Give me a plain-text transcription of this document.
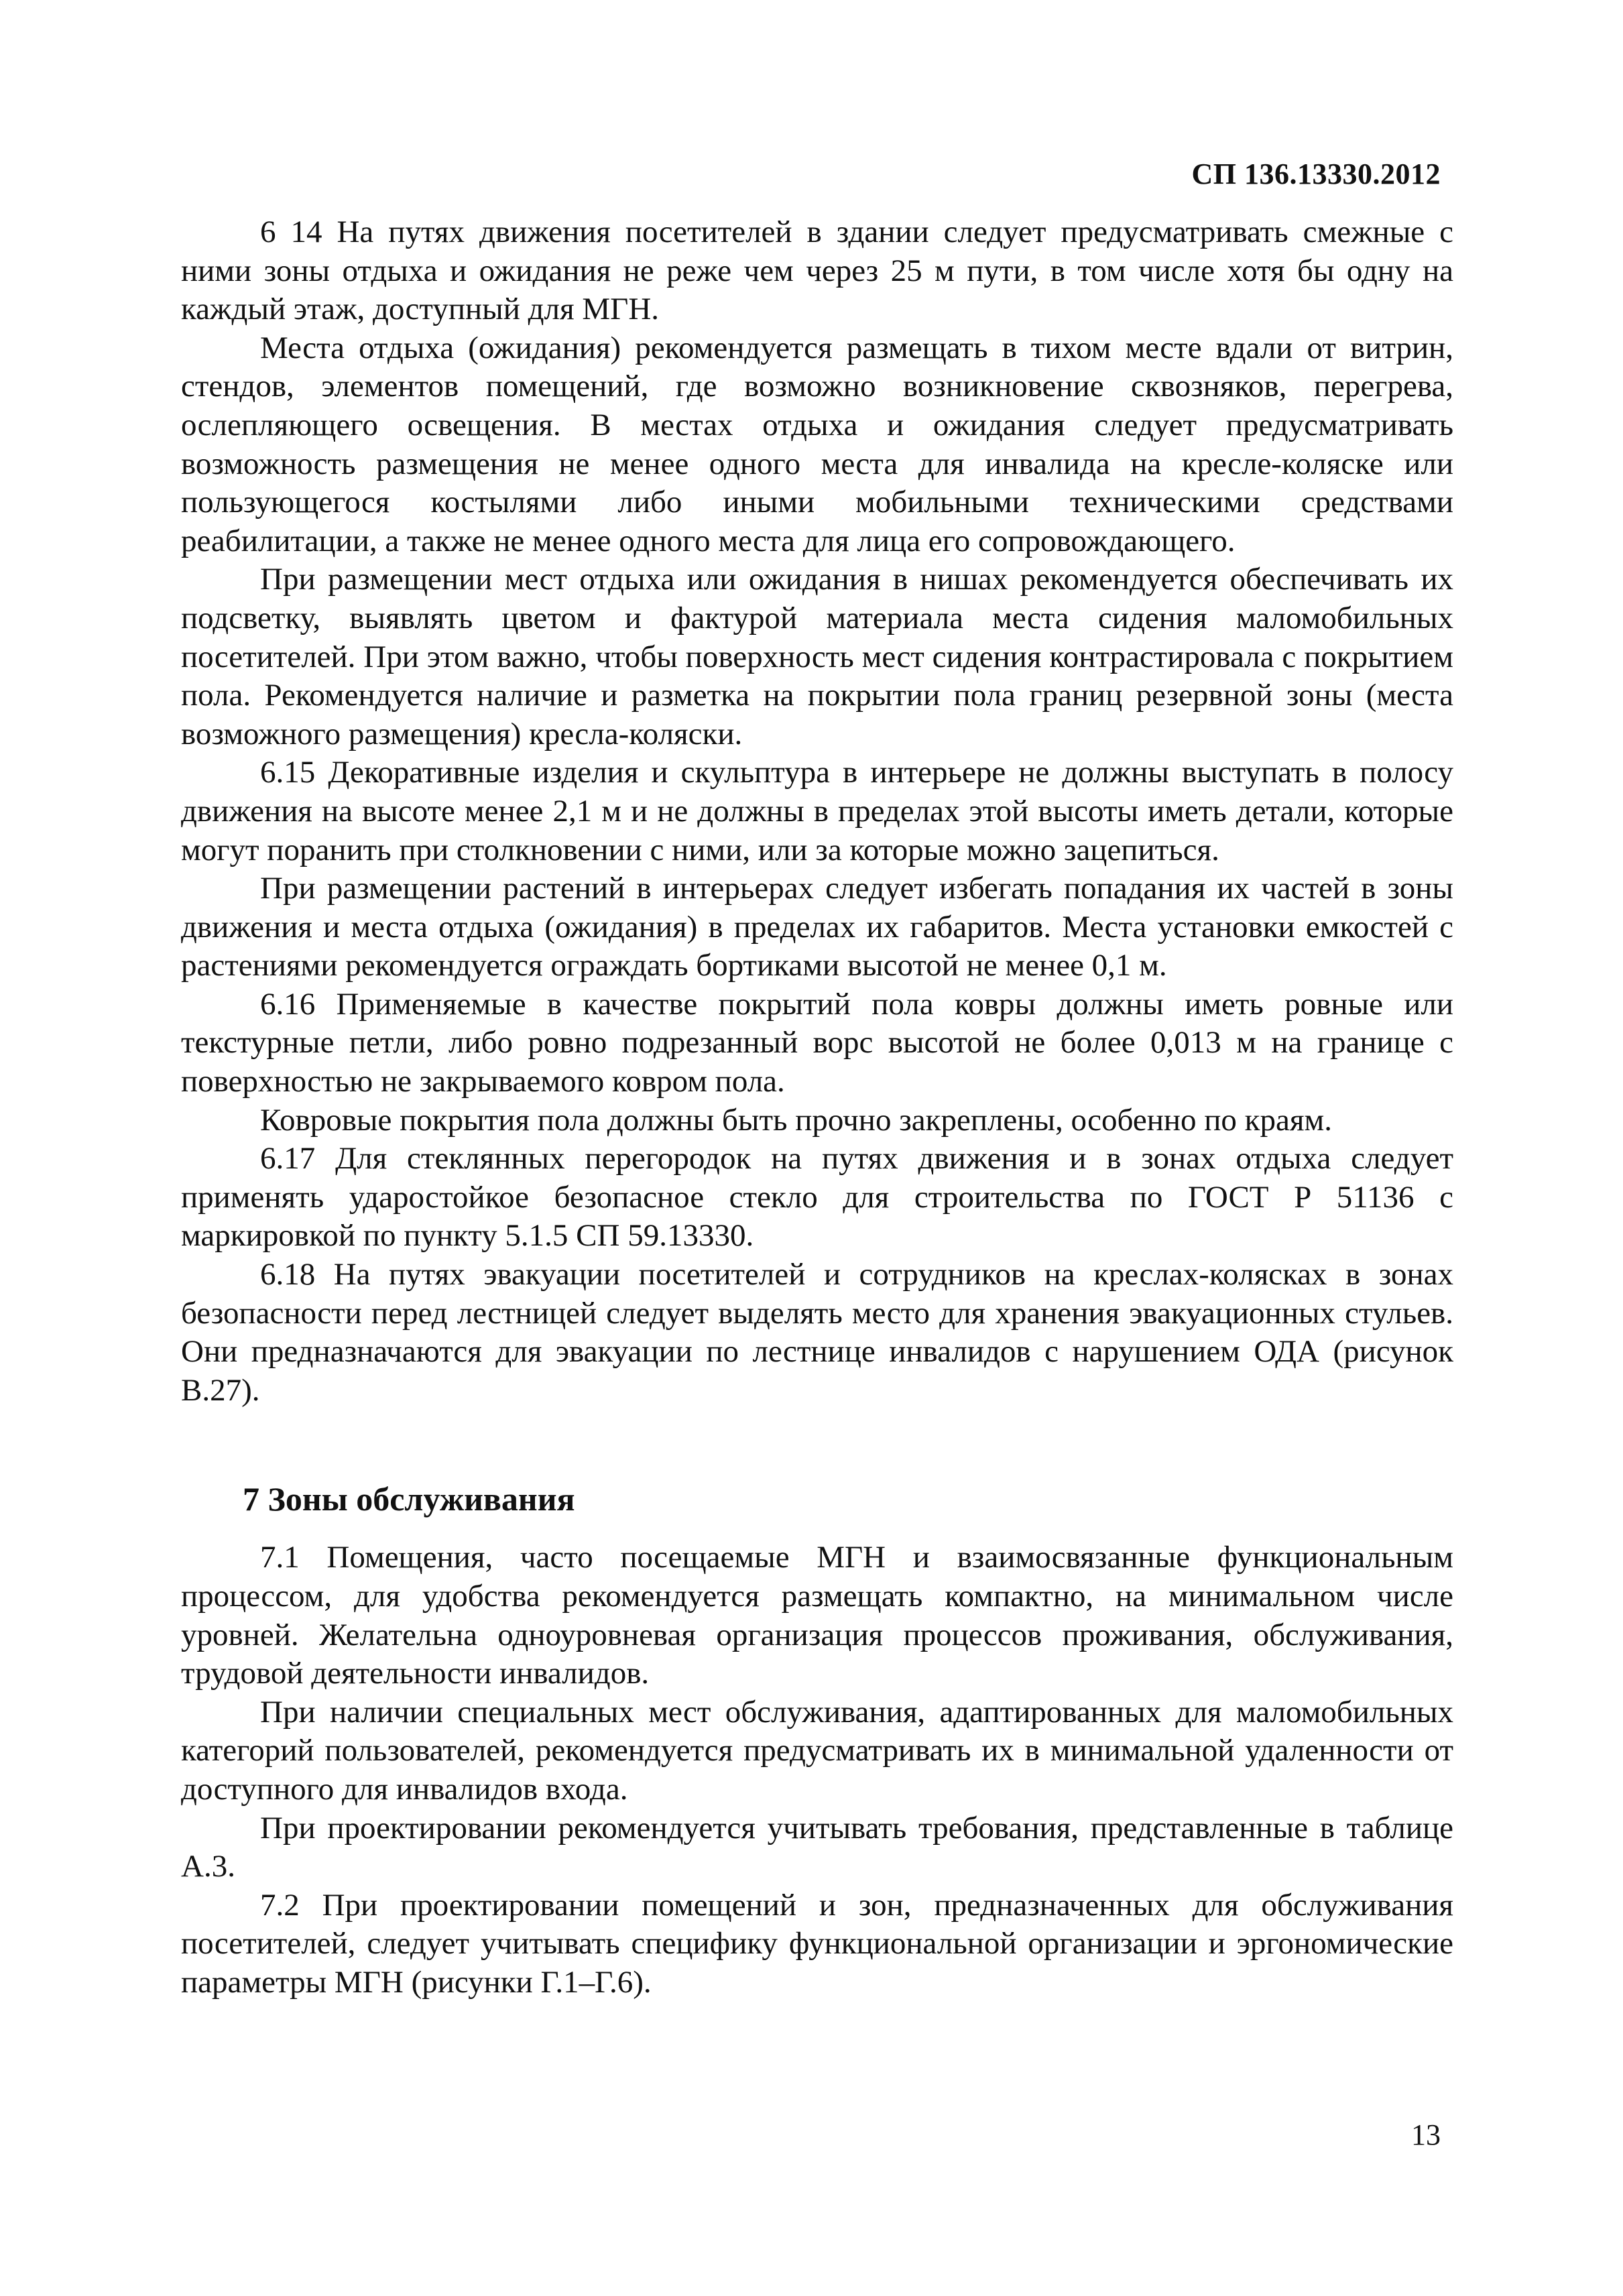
СП 136.13330.2012

6 14 На путях движения посетителей в здании следует предусматривать смежные с ними зоны отдыха и ожидания не реже чем через 25 м пути, в том числе хотя бы одну на каждый этаж, доступный для МГН.

Места отдыха (ожидания) рекомендуется размещать в тихом месте вдали от витрин, стендов, элементов помещений, где возможно возникновение сквозняков, перегрева, ослепляющего освещения. В местах отдыха и ожидания следует предусматривать возможность размещения не менее одного места для инвалида на кресле-коляске или пользующегося костылями либо иными мобильными техническими средствами реабилитации, а также не менее одного места для лица его сопровождающего.

При размещении мест отдыха или ожидания в нишах рекомендуется обеспечивать их подсветку, выявлять цветом и фактурой материала места сидения маломобильных посетителей. При этом важно, чтобы поверхность мест сидения контрастировала с покрытием пола. Рекомендуется наличие и разметка на покрытии пола границ резервной зоны (места возможного размещения) кресла-коляски.

6.15 Декоративные изделия и скульптура в интерьере не должны выступать в полосу движения на высоте менее 2,1 м и не должны в пределах этой высоты иметь детали, которые могут поранить при столкновении с ними, или за которые можно зацепиться.

При размещении растений в интерьерах следует избегать попадания их частей в зоны движения и места отдыха (ожидания) в пределах их габаритов. Места установки емкостей с растениями рекомендуется ограждать бортиками высотой не менее 0,1 м.

6.16 Применяемые в качестве покрытий пола ковры должны иметь ровные или текстурные петли, либо ровно подрезанный ворс высотой не более 0,013 м на границе с поверхностью не закрываемого ковром пола.

Ковровые покрытия пола должны быть прочно закреплены, особенно по краям.

6.17 Для стеклянных перегородок на путях движения и в зонах отдыха следует применять ударостойкое безопасное стекло для строительства по ГОСТ Р 51136 с маркировкой по пункту 5.1.5 СП 59.13330.

6.18 На путях эвакуации посетителей и сотрудников на креслах-колясках в зонах безопасности перед лестницей следует выделять место для хранения эвакуационных стульев. Они предназначаются для эвакуации по лестнице инвалидов с нарушением ОДА (рисунок В.27).

7 Зоны обслуживания

7.1 Помещения, часто посещаемые МГН и взаимосвязанные функциональным процессом, для удобства рекомендуется размещать компактно, на минимальном числе уровней. Желательна одноуровневая организация процессов проживания, обслуживания, трудовой деятельности инвалидов.

При наличии специальных мест обслуживания, адаптированных для маломобильных категорий пользователей, рекомендуется предусматривать их в минимальной удаленности от доступного для инвалидов входа.

При проектировании рекомендуется учитывать требования, представленные в таблице А.3.

7.2 При проектировании помещений и зон, предназначенных для обслуживания посетителей, следует учитывать специфику функциональной организации и эргономические параметры МГН (рисунки Г.1–Г.6).

13
